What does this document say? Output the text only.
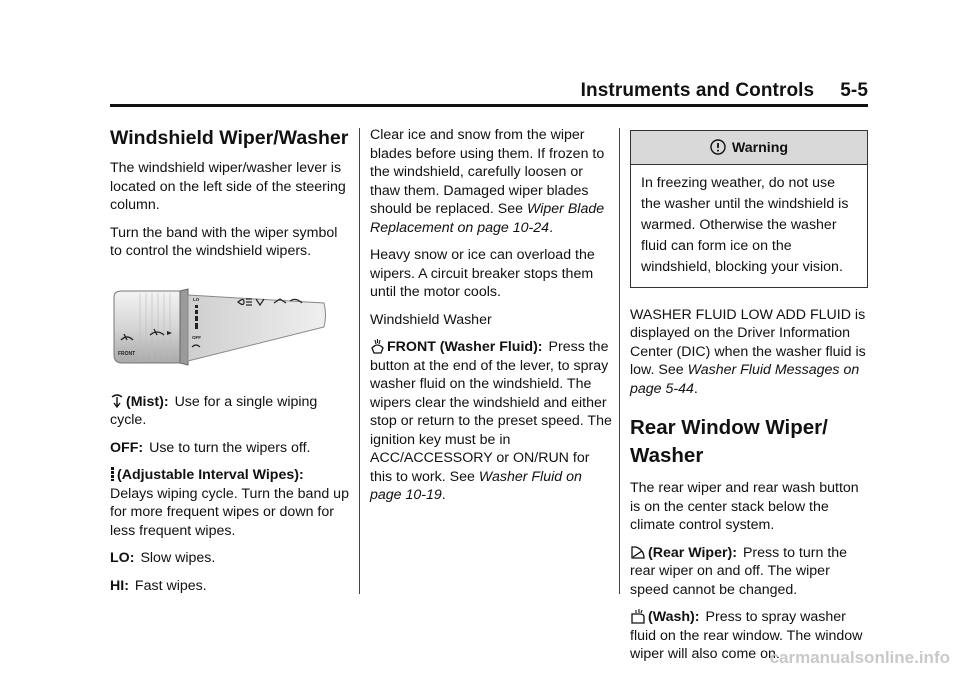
Instruments and Controls 5-5
Windshield Wiper/Washer

The windshield wiper/washer lever is located on the left side of the steering column.

Turn the band with the wiper symbol to control the windshield wipers.

FRONT
LO
OFF

(Mist): Use for a single wiping cycle.

OFF: Use to turn the wipers off.

(Adjustable Interval Wipes):
Delays wiping cycle. Turn the band up for more frequent wipes or down for less frequent wipes.

LO: Slow wipes.

HI: Fast wipes.

Clear ice and snow from the wiper blades before using them. If frozen to the windshield, carefully loosen or thaw them. Damaged wiper blades should be replaced. See Wiper Blade Replacement on page 10-24.

Heavy snow or ice can overload the wipers. A circuit breaker stops them until the motor cools.

Windshield Washer

FRONT (Washer Fluid): Press the button at the end of the lever, to spray washer fluid on the windshield. The wipers clear the windshield and either stop or return to the preset speed. The ignition key must be in ACC/ACCESSORY or ON/RUN for this to work. See Washer Fluid on page 10-19.

Warning
In freezing weather, do not use the washer until the windshield is warmed. Otherwise the washer fluid can form ice on the windshield, blocking your vision.

WASHER FLUID LOW ADD FLUID is displayed on the Driver Information Center (DIC) when the washer fluid is low. See Washer Fluid Messages on page 5-44.

Rear Window Wiper/ Washer

The rear wiper and rear wash button is on the center stack below the climate control system.

(Rear Wiper): Press to turn the rear wiper on and off. The wiper speed cannot be changed.

(Wash): Press to spray washer fluid on the rear window. The window wiper will also come on.

carmanualsonline.info
